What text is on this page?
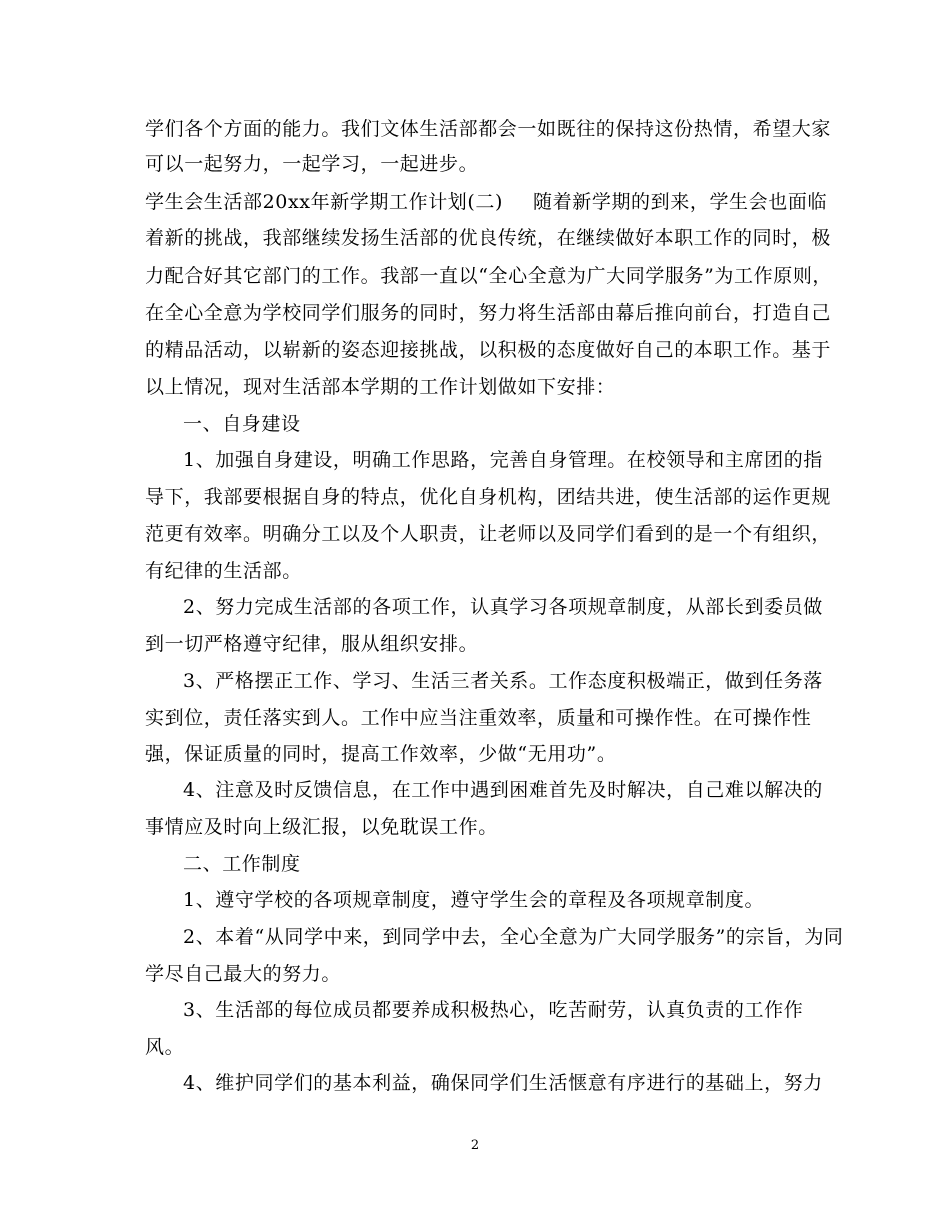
学们各个方面的能力。我们文体生活部都会一如既往的保持这份热情，希望大家
可以一起努力，一起学习，一起进步。
学生会生活部20xx年新学期工作计划(二) 随着新学期的到来，学生会也面临
着新的挑战，我部继续发扬生活部的优良传统，在继续做好本职工作的同时，极
力配合好其它部门的工作。我部一直以“全心全意为广大同学服务”为工作原则，
在全心全意为学校同学们服务的同时，努力将生活部由幕后推向前台，打造自己
的精品活动，以崭新的姿态迎接挑战，以积极的态度做好自己的本职工作。基于
以上情况，现对生活部本学期的工作计划做如下安排：
一、自身建设
1、加强自身建设，明确工作思路，完善自身管理。在校领导和主席团的指
导下，我部要根据自身的特点，优化自身机构，团结共进，使生活部的运作更规
范更有效率。明确分工以及个人职责，让老师以及同学们看到的是一个有组织，
有纪律的生活部。
2、努力完成生活部的各项工作，认真学习各项规章制度，从部长到委员做
到一切严格遵守纪律，服从组织安排。
3、严格摆正工作、学习、生活三者关系。工作态度积极端正，做到任务落
实到位，责任落实到人。工作中应当注重效率，质量和可操作性。在可操作性
强，保证质量的同时，提高工作效率，少做“无用功”。
4、注意及时反馈信息，在工作中遇到困难首先及时解决，自己难以解决的
事情应及时向上级汇报，以免耽误工作。
二、工作制度
1、遵守学校的各项规章制度，遵守学生会的章程及各项规章制度。
2、本着“从同学中来，到同学中去，全心全意为广大同学服务”的宗旨，为同
学尽自己最大的努力。
3、生活部的每位成员都要养成积极热心，吃苦耐劳，认真负责的工作作
风。
4、维护同学们的基本利益，确保同学们生活惬意有序进行的基础上，努力
2
